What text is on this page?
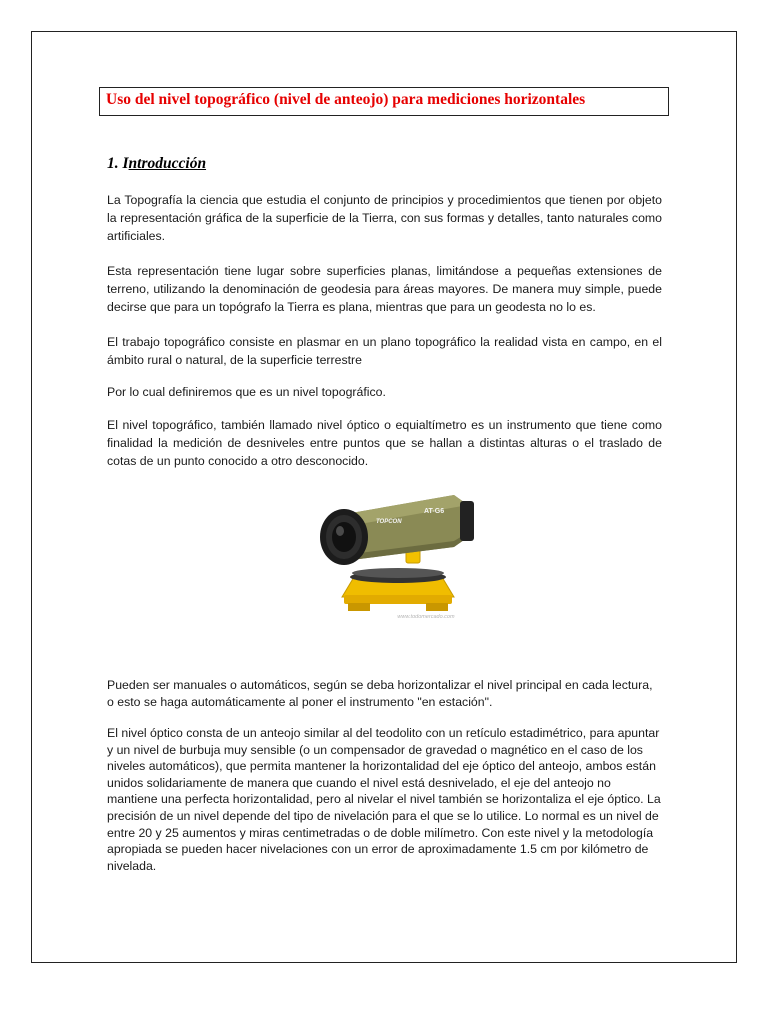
Uso del nivel topográfico (nivel de anteojo) para mediciones horizontales
1. Introducción

La Topografía la ciencia que estudia el conjunto de principios y procedimientos que tienen por objeto la representación gráfica de la superficie de la Tierra, con sus formas y detalles, tanto naturales como artificiales.

Esta representación tiene lugar sobre superficies planas, limitándose a pequeñas extensiones de terreno, utilizando la denominación de geodesia para áreas mayores. De manera muy simple, puede decirse que para un topógrafo la Tierra es plana, mientras que para un geodesta no lo es.

El trabajo topográfico consiste en plasmar en un plano topográfico la realidad vista en campo, en el ámbito rural o natural, de la superficie terrestre

Por lo cual definiremos que es un nivel topográfico.

El nivel topográfico, también llamado nivel óptico o equialtímetro es un instrumento que tiene como finalidad la medición de desniveles entre puntos que se hallan a distintas alturas o el traslado de cotas de un punto conocido a otro desconocido.

TOPCON
AT-G6
www.todomercado.com

Pueden ser manuales o automáticos, según se deba horizontalizar el nivel principal en cada lectura, o esto se haga automáticamente al poner el instrumento "en estación".

El nivel óptico consta de un anteojo similar al del teodolito con un retículo estadimétrico, para apuntar y un nivel de burbuja muy sensible (o un compensador de gravedad o magnético en el caso de los niveles automáticos), que permita mantener la horizontalidad del eje óptico del anteojo, ambos están unidos solidariamente de manera que cuando el nivel está desnivelado, el eje del anteojo no mantiene una perfecta horizontalidad, pero al nivelar el nivel también se horizontaliza el eje óptico. La precisión de un nivel depende del tipo de nivelación para el que se lo utilice. Lo normal es un nivel de entre 20 y 25 aumentos y miras centimetradas o de doble milímetro. Con este nivel y la metodología apropiada se pueden hacer nivelaciones con un error de aproximadamente 1.5 cm por kilómetro de nivelada.
